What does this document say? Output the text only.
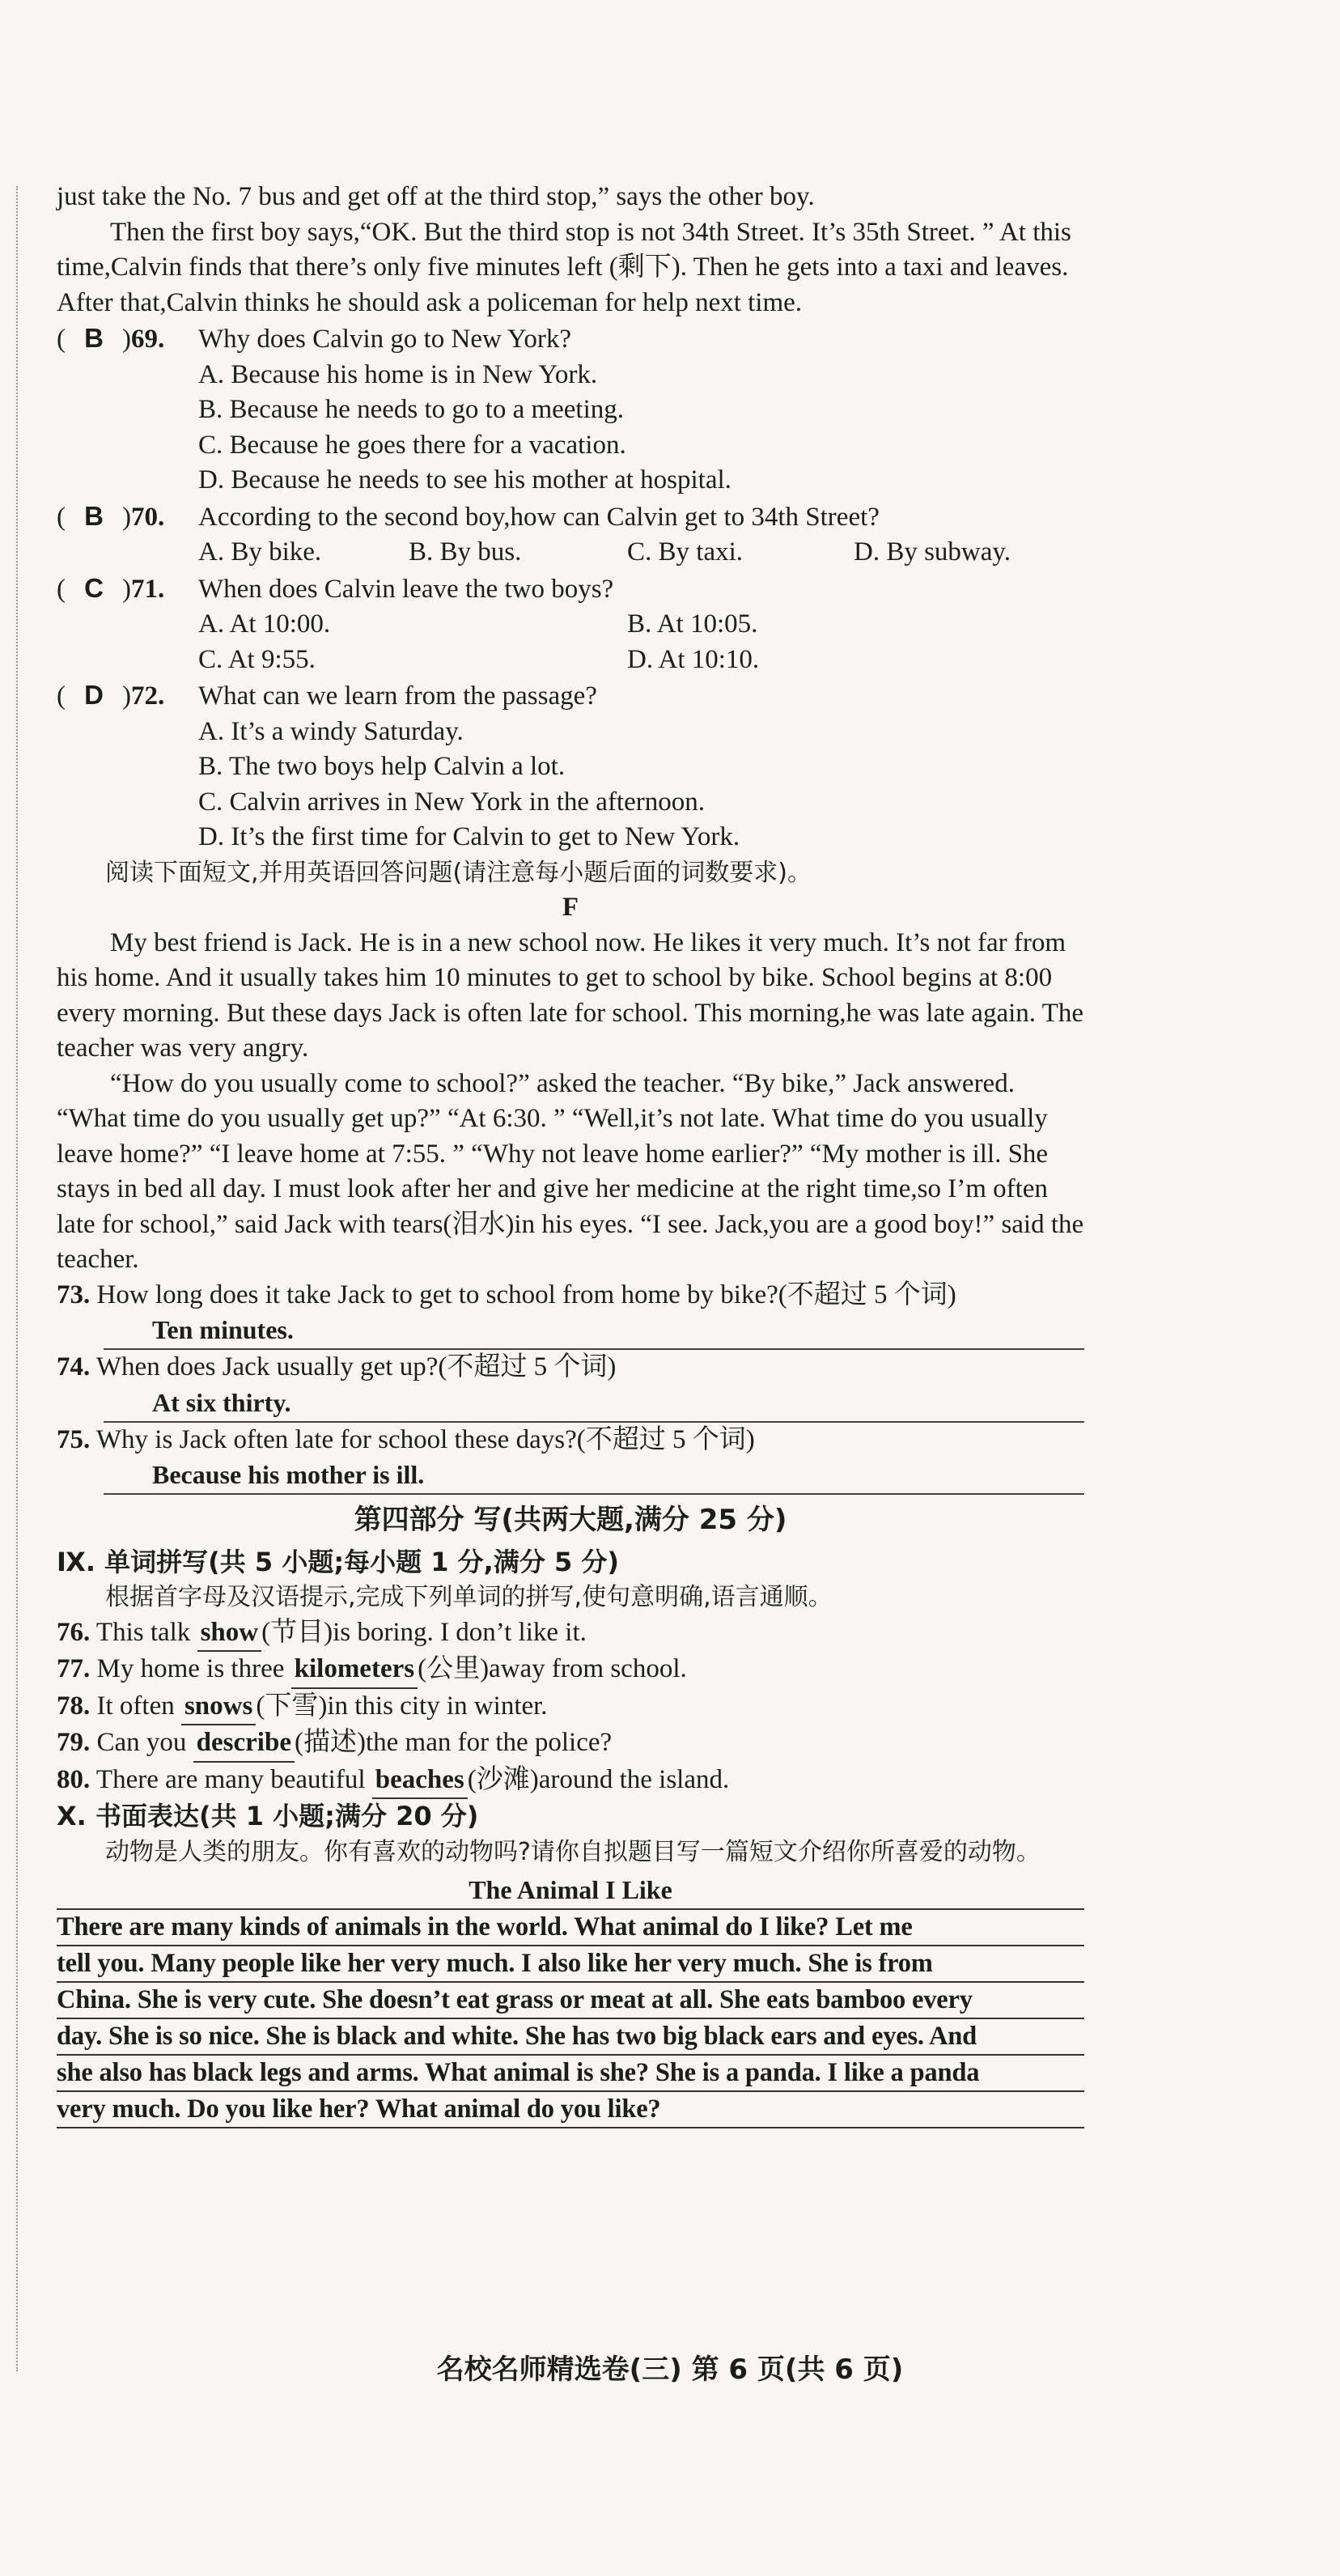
just take the No. 7 bus and get off at the third stop,” says the other boy.

Then the first boy says,“OK. But the third stop is not 34th Street. It’s 35th Street. ” At this time,Calvin finds that there’s only five minutes left (剩下). Then he gets into a taxi and leaves. After that,Calvin thinks he should ask a policeman for help next time.

( B )69. Why does Calvin go to New York?
A. Because his home is in New York.
B. Because he needs to go to a meeting.
C. Because he goes there for a vacation.
D. Because he needs to see his mother at hospital.
( B )70. According to the second boy,how can Calvin get to 34th Street?
A. By bike.	B. By bus.	C. By taxi.	D. By subway.
( C )71. When does Calvin leave the two boys?
A. At 10:00.	B. At 10:05.
C. At 9:55.	D. At 10:10.
( D )72. What can we learn from the passage?
A. It’s a windy Saturday.
B. The two boys help Calvin a lot.
C. Calvin arrives in New York in the afternoon.
D. It’s the first time for Calvin to get to New York.

阅读下面短文,并用英语回答问题(请注意每小题后面的词数要求)。

F

My best friend is Jack. He is in a new school now. He likes it very much. It’s not far from his home. And it usually takes him 10 minutes to get to school by bike. School begins at 8:00 every morning. But these days Jack is often late for school. This morning,he was late again. The teacher was very angry.

“How do you usually come to school?” asked the teacher. “By bike,” Jack answered. “What time do you usually get up?” “At 6:30. ” “Well,it’s not late. What time do you usually leave home?” “I leave home at 7:55. ” “Why not leave home earlier?” “My mother is ill. She stays in bed all day. I must look after her and give her medicine at the right time,so I’m often late for school,” said Jack with tears(泪水)in his eyes. “I see. Jack,you are a good boy!” said the teacher.

73. How long does it take Jack to get to school from home by bike?(不超过 5 个词)
Ten minutes.
74. When does Jack usually get up?(不超过 5 个词)
At six thirty.
75. Why is Jack often late for school these days?(不超过 5 个词)
Because his mother is ill.
第四部分 写(共两大题,满分 25 分)
Ⅸ. 单词拼写(共 5 小题;每小题 1 分,满分 5 分)

根据首字母及汉语提示,完成下列单词的拼写,使句意明确,语言通顺。

76. This talk show (节目)is boring. I don’t like it.
77. My home is three kilometers (公里)away from school.
78. It often snows (下雪)in this city in winter.
79. Can you describe (描述)the man for the police?
80. There are many beautiful beaches (沙滩)around the island.
Ⅹ. 书面表达(共 1 小题;满分 20 分)

动物是人类的朋友。你有喜欢的动物吗?请你自拟题目写一篇短文介绍你所喜爱的动物。

The Animal I Like
There are many kinds of animals in the world. What animal do I like? Let me
tell you. Many people like her very much. I also like her very much. She is from
China. She is very cute. She doesn’t eat grass or meat at all. She eats bamboo every
day. She is so nice. She is black and white. She has two big black ears and eyes. And
she also has black legs and arms. What animal is she? She is a panda. I like a panda
very much. Do you like her? What animal do you like?
名校名师精选卷(三) 第 6 页(共 6 页)
